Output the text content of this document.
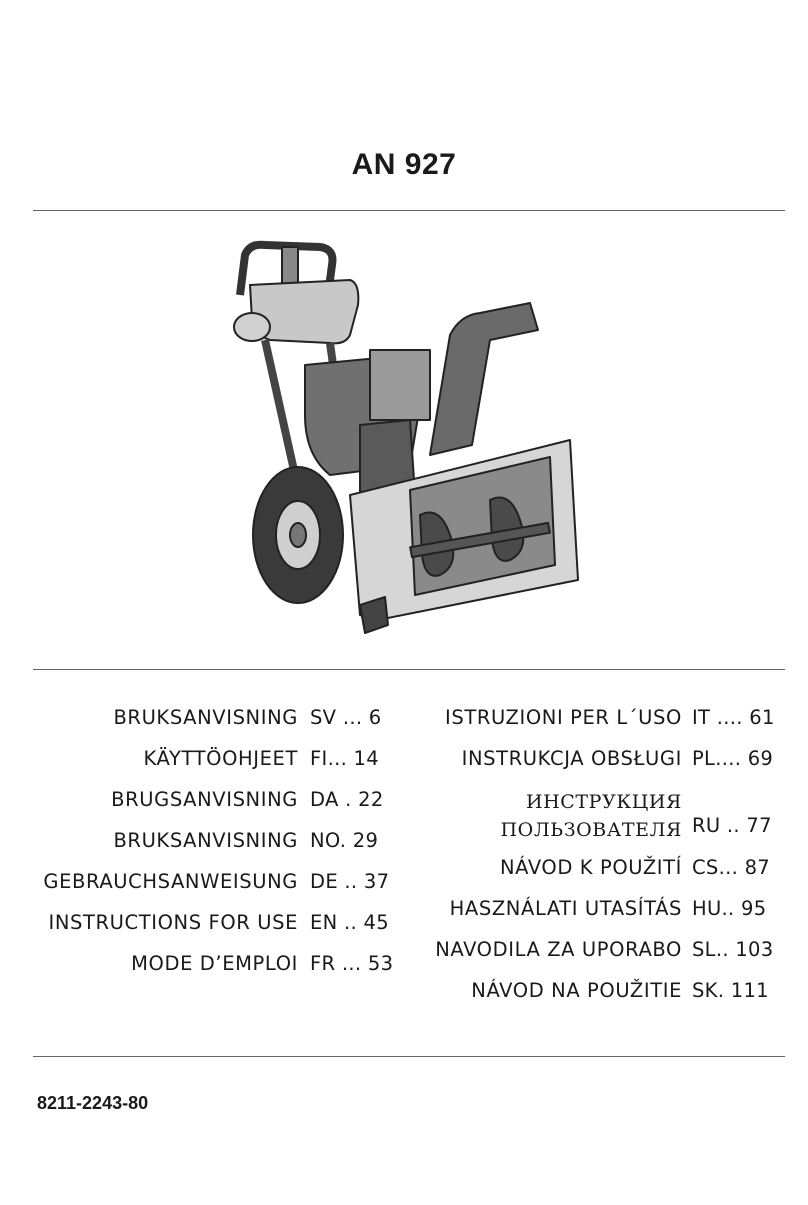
AN 927
BRUKSANVISNING SV ... 6
KÄYTTÖOHJEET FI... 14
BRUGSANVISNING DA . 22
BRUKSANVISNING NO. 29
GEBRAUCHSANWEISUNG DE .. 37
INSTRUCTIONS FOR USE EN .. 45
MODE D’EMPLOI FR ... 53
ISTRUZIONI PER L´USO IT .... 61
INSTRUKCJA OBSŁUGI PL.... 69
ИНСТРУКЦИЯ
ПОЛЬЗОВАТЕЛЯ RU .. 77
NÁVOD K POUŽITÍ CS... 87
HASZNÁLATI UTASÍTÁS HU.. 95
NAVODILA ZA UPORABO SL.. 103
NÁVOD NA POUŽITIE SK. 111
8211-2243-80
